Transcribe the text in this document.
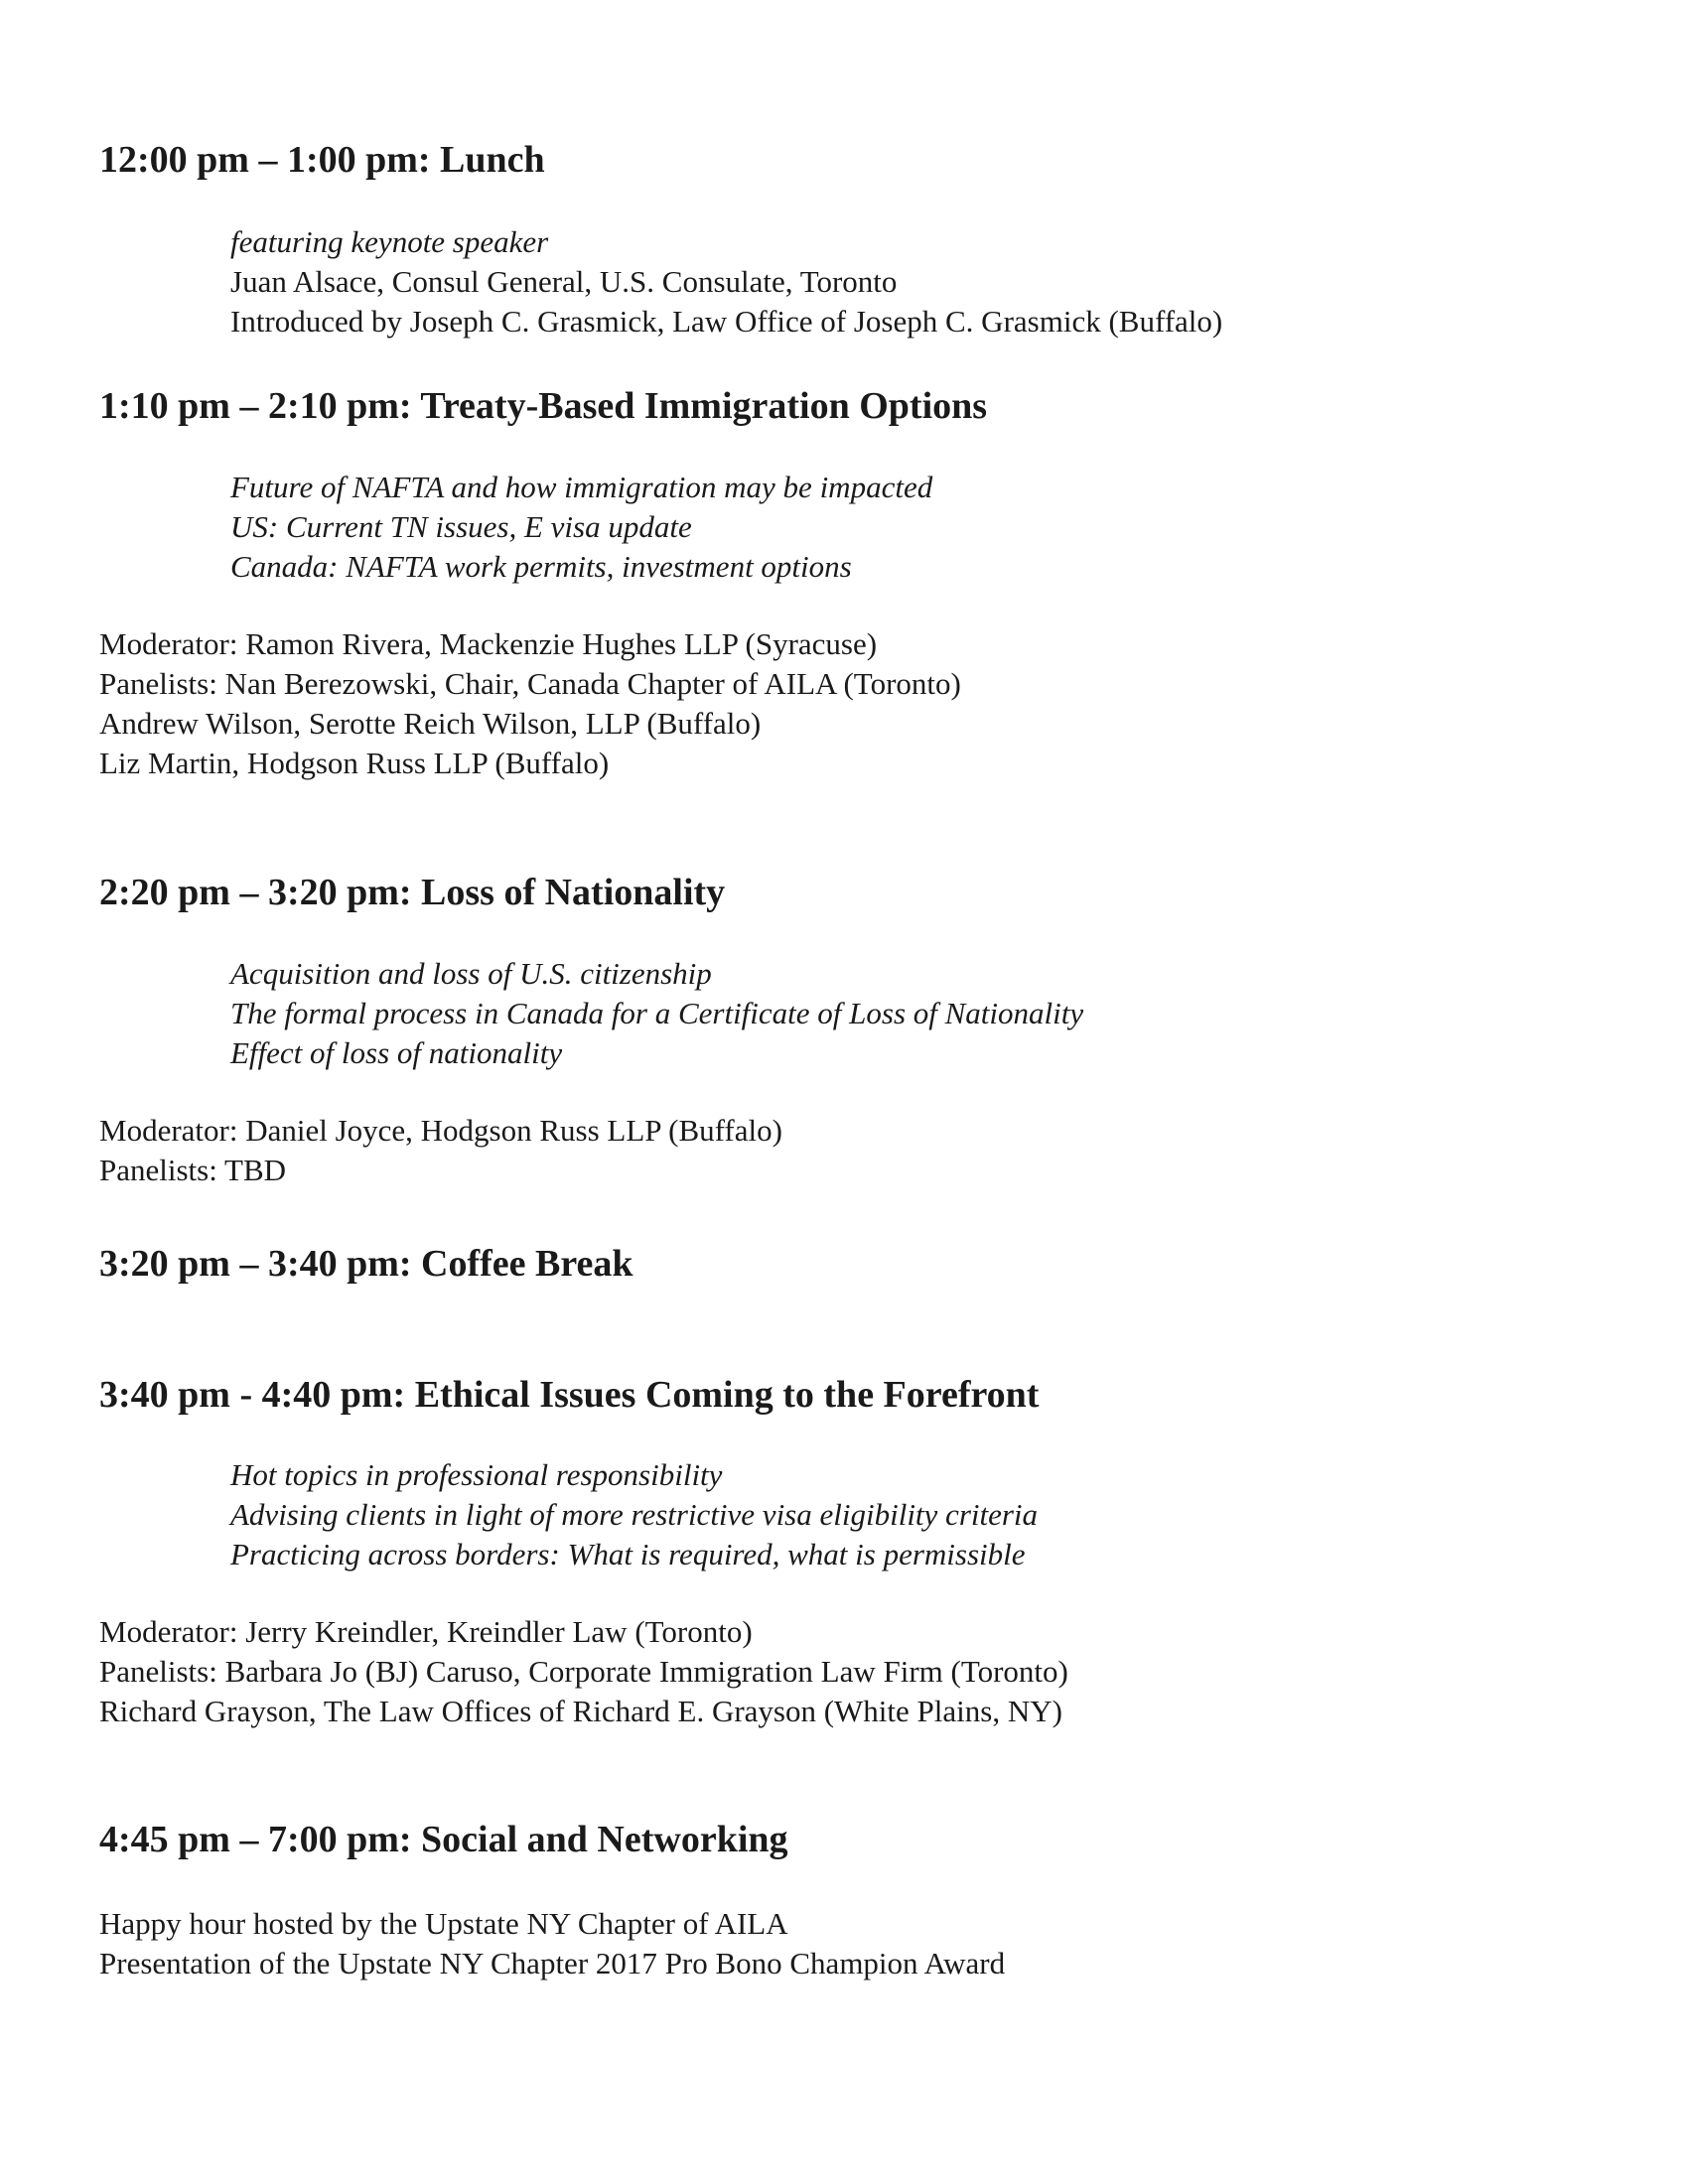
12:00 pm – 1:00 pm: Lunch
featuring keynote speaker
Juan Alsace, Consul General, U.S. Consulate, Toronto
Introduced by Joseph C. Grasmick, Law Office of Joseph C. Grasmick (Buffalo)
1:10 pm – 2:10 pm: Treaty-Based Immigration Options
Future of NAFTA and how immigration may be impacted
US: Current TN issues, E visa update
Canada: NAFTA work permits, investment options
Moderator: Ramon Rivera, Mackenzie Hughes LLP (Syracuse)
Panelists: Nan Berezowski, Chair, Canada Chapter of AILA (Toronto)
Andrew Wilson, Serotte Reich Wilson, LLP (Buffalo)
Liz Martin, Hodgson Russ LLP (Buffalo)
2:20 pm – 3:20 pm: Loss of Nationality
Acquisition and loss of U.S. citizenship
The formal process in Canada for a Certificate of Loss of Nationality
Effect of loss of nationality
Moderator: Daniel Joyce, Hodgson Russ LLP (Buffalo)
Panelists: TBD
3:20 pm – 3:40 pm: Coffee Break
3:40 pm - 4:40 pm: Ethical Issues Coming to the Forefront
Hot topics in professional responsibility
Advising clients in light of more restrictive visa eligibility criteria
Practicing across borders: What is required, what is permissible
Moderator: Jerry Kreindler, Kreindler Law (Toronto)
Panelists: Barbara Jo (BJ) Caruso, Corporate Immigration Law Firm (Toronto)
Richard Grayson, The Law Offices of Richard E. Grayson (White Plains, NY)
4:45 pm – 7:00 pm: Social and Networking
Happy hour hosted by the Upstate NY Chapter of AILA
Presentation of the Upstate NY Chapter 2017 Pro Bono Champion Award
